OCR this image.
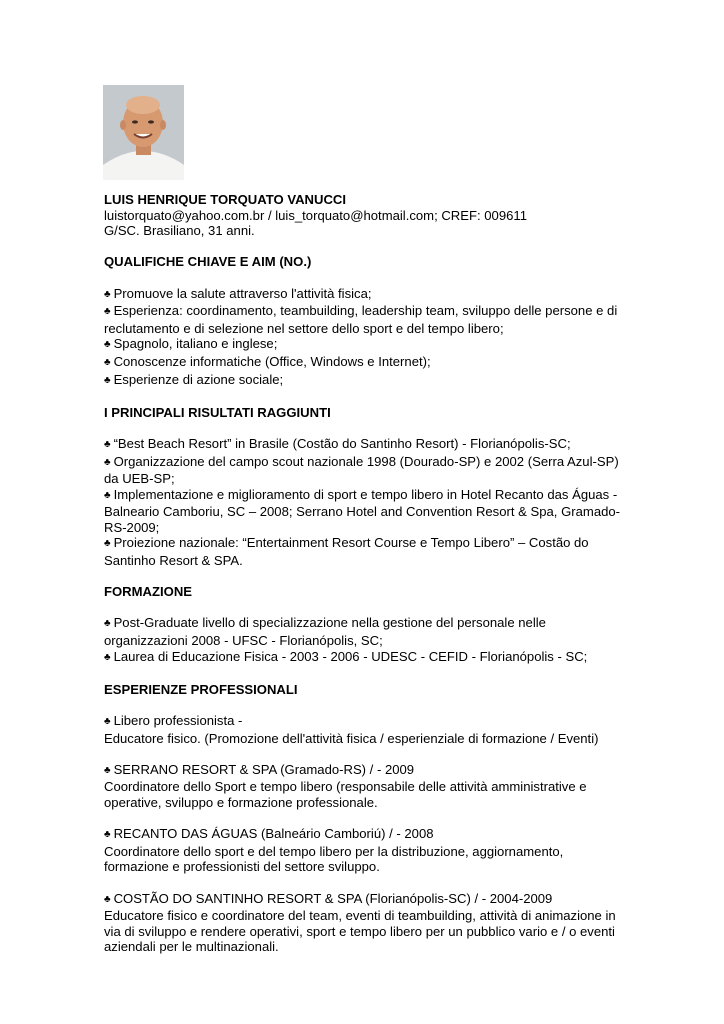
LUIS HENRIQUE TORQUATO VANUCCI

luistorquato@yahoo.com.br / luis_torquato@hotmail.com; CREF: 009611

G/SC. Brasiliano, 31 anni.

QUALIFICHE CHIAVE E AIM (NO.)

♣ Promuove la salute attraverso l'attività fisica;

♣ Esperienza: coordinamento, teambuilding, leadership team, sviluppo delle persone e di reclutamento e di selezione nel settore dello sport e del tempo libero;

♣ Spagnolo, italiano e inglese;

♣ Conoscenze informatiche (Office, Windows e Internet);

♣ Esperienze di azione sociale;

I PRINCIPALI RISULTATI RAGGIUNTI

♣ “Best Beach Resort” in Brasile (Costão do Santinho Resort) - Florianópolis-SC;

♣ Organizzazione del campo scout nazionale 1998 (Dourado-SP) e 2002 (Serra Azul-SP) da UEB-SP;

♣ Implementazione e miglioramento di sport e tempo libero in Hotel Recanto das Águas - Balneario Camboriu, SC – 2008; Serrano Hotel and Convention Resort & Spa, Gramado-RS-2009;

♣ Proiezione nazionale: “Entertainment Resort Course e Tempo Libero” – Costão do Santinho Resort & SPA.

FORMAZIONE

♣ Post-Graduate livello di specializzazione nella gestione del personale nelle organizzazioni 2008 - UFSC - Florianópolis, SC;

♣ Laurea di Educazione Fisica - 2003 - 2006 - UDESC - CEFID - Florianópolis - SC;

ESPERIENZE PROFESSIONALI

♣ Libero professionista -

Educatore fisico. (Promozione dell'attività fisica / esperienziale di formazione / Eventi)

♣ SERRANO RESORT & SPA (Gramado-RS) / - 2009

Coordinatore dello Sport e tempo libero (responsabile delle attività amministrative e operative, sviluppo e formazione professionale.

♣ RECANTO DAS ÁGUAS (Balneário Camboriú) / - 2008

Coordinatore dello sport e del tempo libero per la distribuzione, aggiornamento, formazione e professionisti del settore sviluppo.

♣ COSTÃO DO SANTINHO RESORT & SPA (Florianópolis-SC) / - 2004-2009

Educatore fisico e coordinatore del team, eventi di teambuilding, attività di animazione in via di sviluppo e rendere operativi, sport e tempo libero per un pubblico vario e / o eventi aziendali per le multinazionali.
